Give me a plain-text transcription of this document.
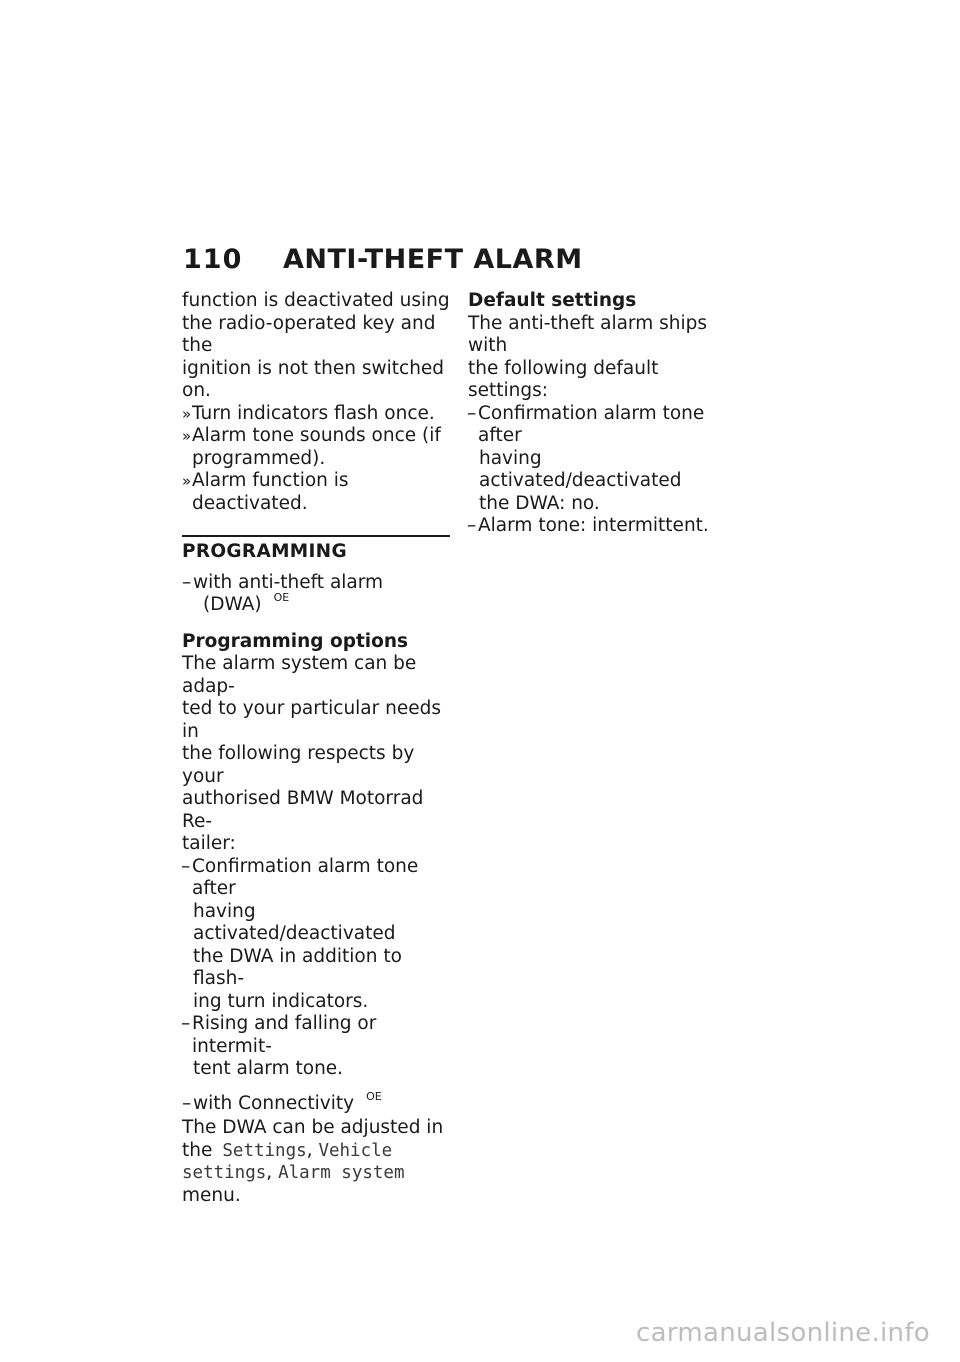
110 ANTI-THEFT ALARM

function is deactivated using

the radio-operated key and the

ignition is not then switched

on.

» Turn indicators flash once.
» Alarm tone sounds once (if
programmed).
» Alarm function is deactivated.

PROGRAMMING

– with anti-theft alarm
(DWA) $^{OE}$

Programming options

The alarm system can be adap-

ted to your particular needs in

the following respects by your

authorised BMW Motorrad Re-

tailer:

– Confirmation alarm tone after
having activated/deactivated
the DWA in addition to flash-
ing turn indicators.
– Rising and falling or intermit-
tent alarm tone.
– with Connectivity $^{OE}$

The DWA can be adjusted in

the Settings, Vehicle

settings, Alarm system

menu.

Default settings

The anti-theft alarm ships with

the following default settings:

– Confirmation alarm tone after
having activated/deactivated
the DWA: no.
– Alarm tone: intermittent.
carmanualsonline.info
